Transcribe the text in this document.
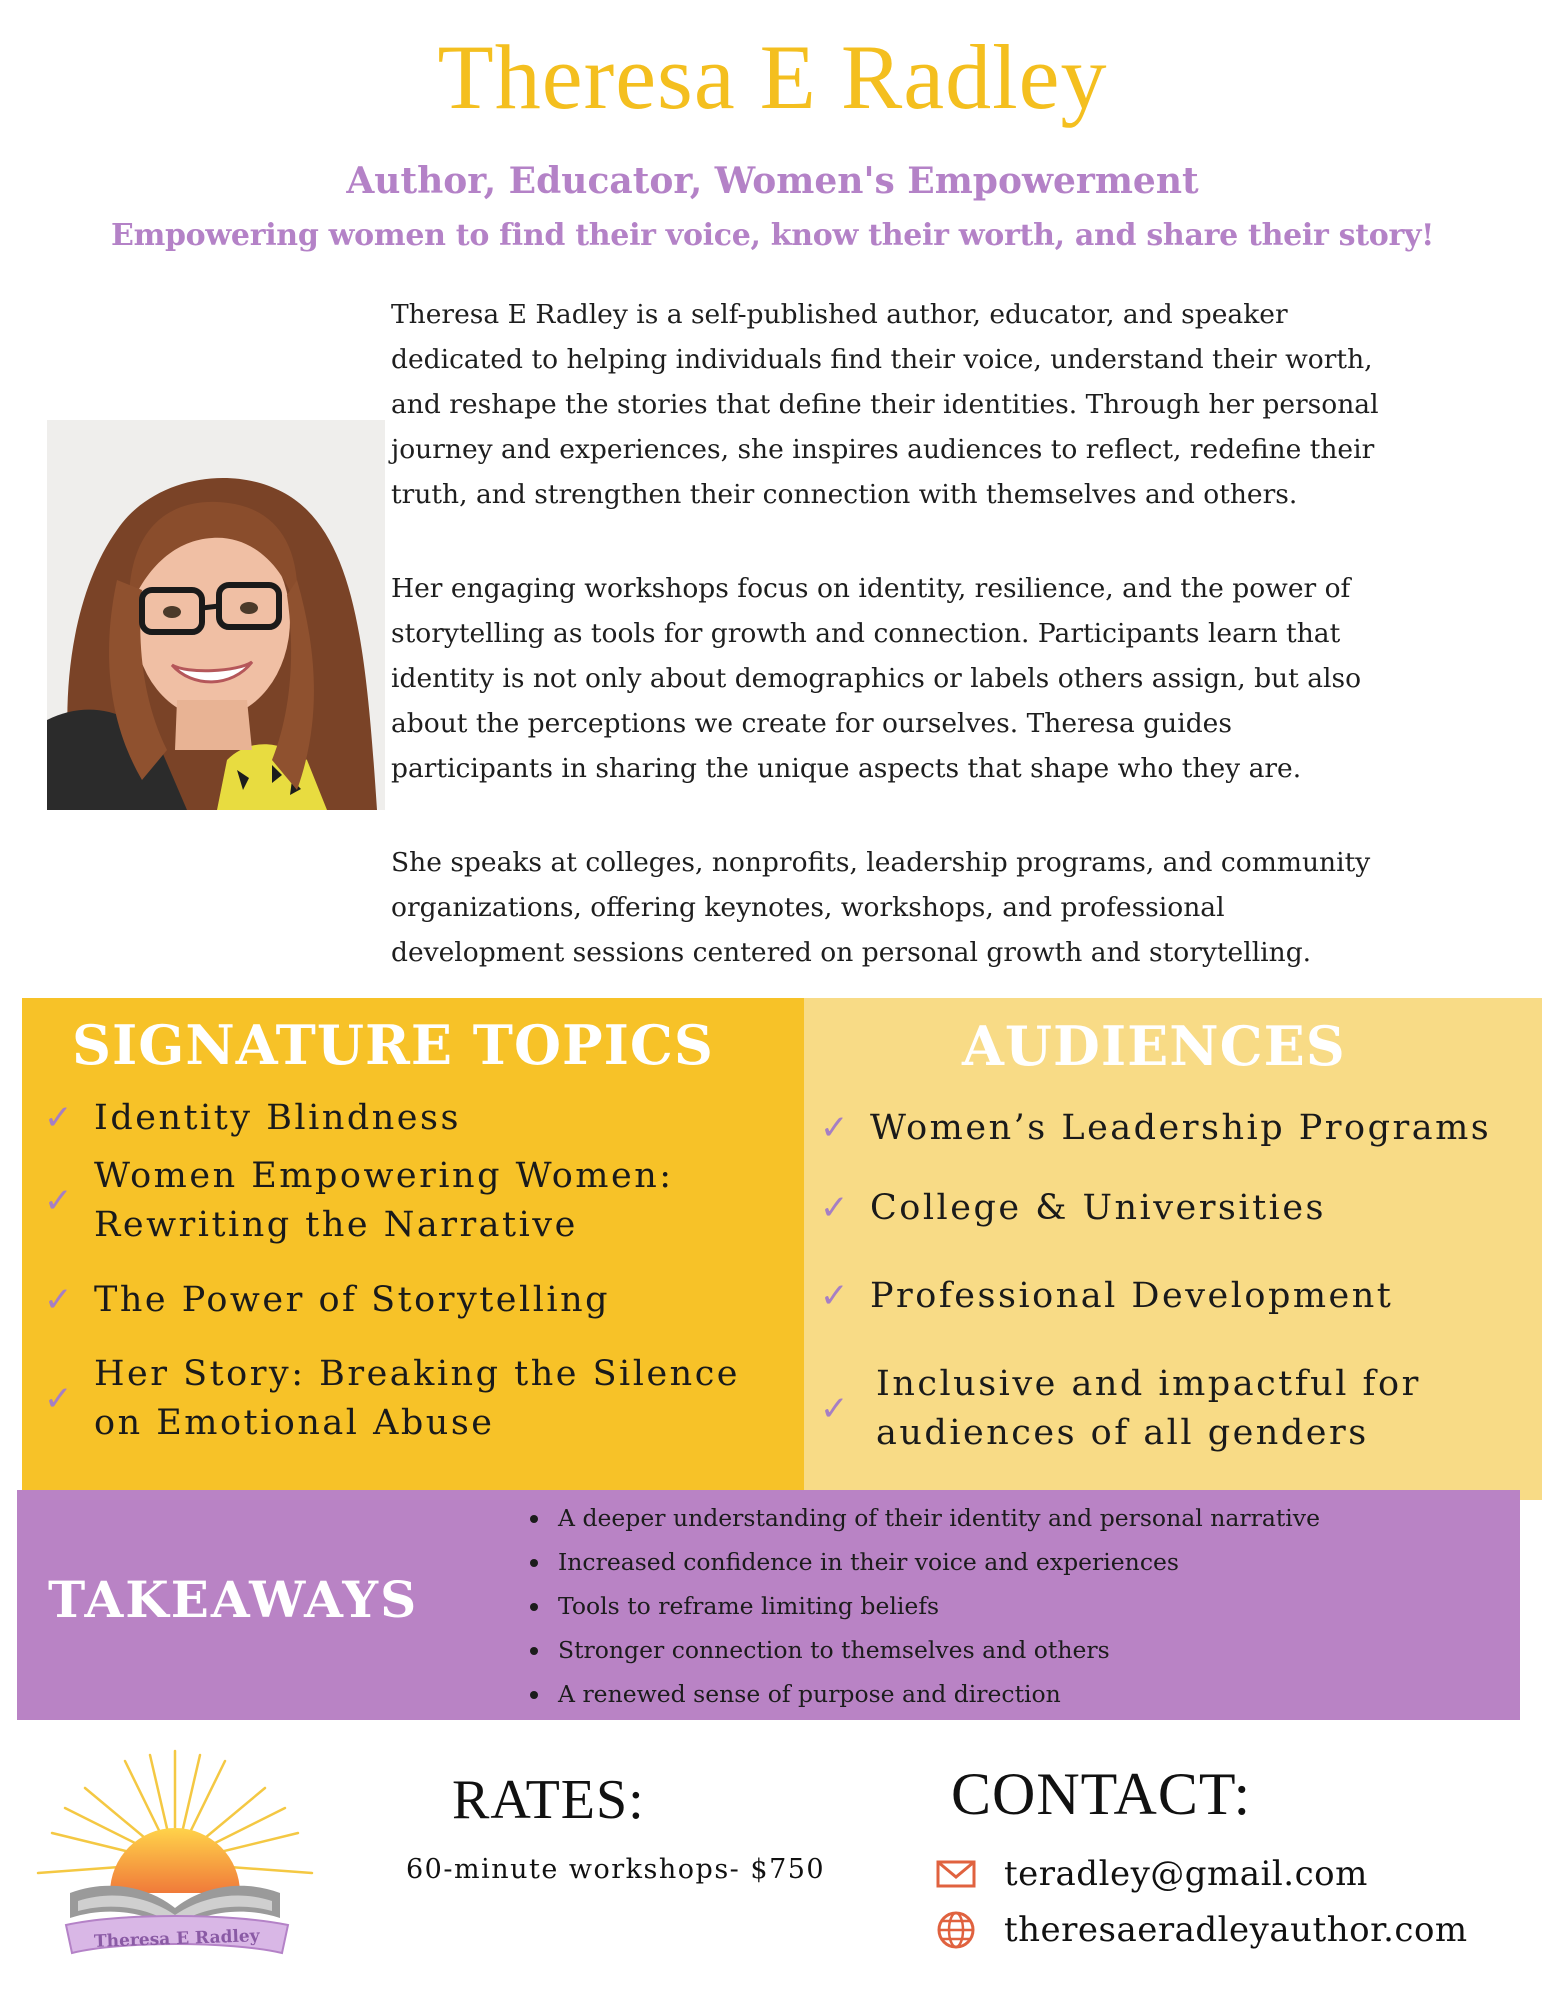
Theresa E Radley
Author, Educator, Women's Empowerment
Empowering women to find their voice, know their worth, and share their story!
Theresa E Radley is a self-published author, educator, and speaker
dedicated to helping individuals find their voice, understand their worth,
and reshape the stories that define their identities. Through her personal
journey and experiences, she inspires audiences to reflect, redefine their
truth, and strengthen their connection with themselves and others.
Her engaging workshops focus on identity, resilience, and the power of
storytelling as tools for growth and connection. Participants learn that
identity is not only about demographics or labels others assign, but also
about the perceptions we create for ourselves. Theresa guides
participants in sharing the unique aspects that shape who they are.
She speaks at colleges, nonprofits, leadership programs, and community
organizations, offering keynotes, workshops, and professional
development sessions centered on personal growth and storytelling.
SIGNATURE TOPICS	AUDIENCES
✓ Identity Blindness
✓
Women Empowering Women:
Rewriting the Narrative
✓ The Power of Storytelling
✓
Her Story: Breaking the Silence
on Emotional Abuse
✓ Women’s Leadership Programs
✓ College & Universities
✓ Professional Development
✓
Inclusive and impactful for
audiences of all genders
TAKEAWAYS
A deeper understanding of their identity and personal narrative
Increased confidence in their voice and experiences
Tools to reframe limiting beliefs
Stronger connection to themselves and others
A renewed sense of purpose and direction
Theresa E Radley
RATES:
60-minute workshops- $750
CONTACT:
teradley@gmail.com
theresaeradleyauthor.com
